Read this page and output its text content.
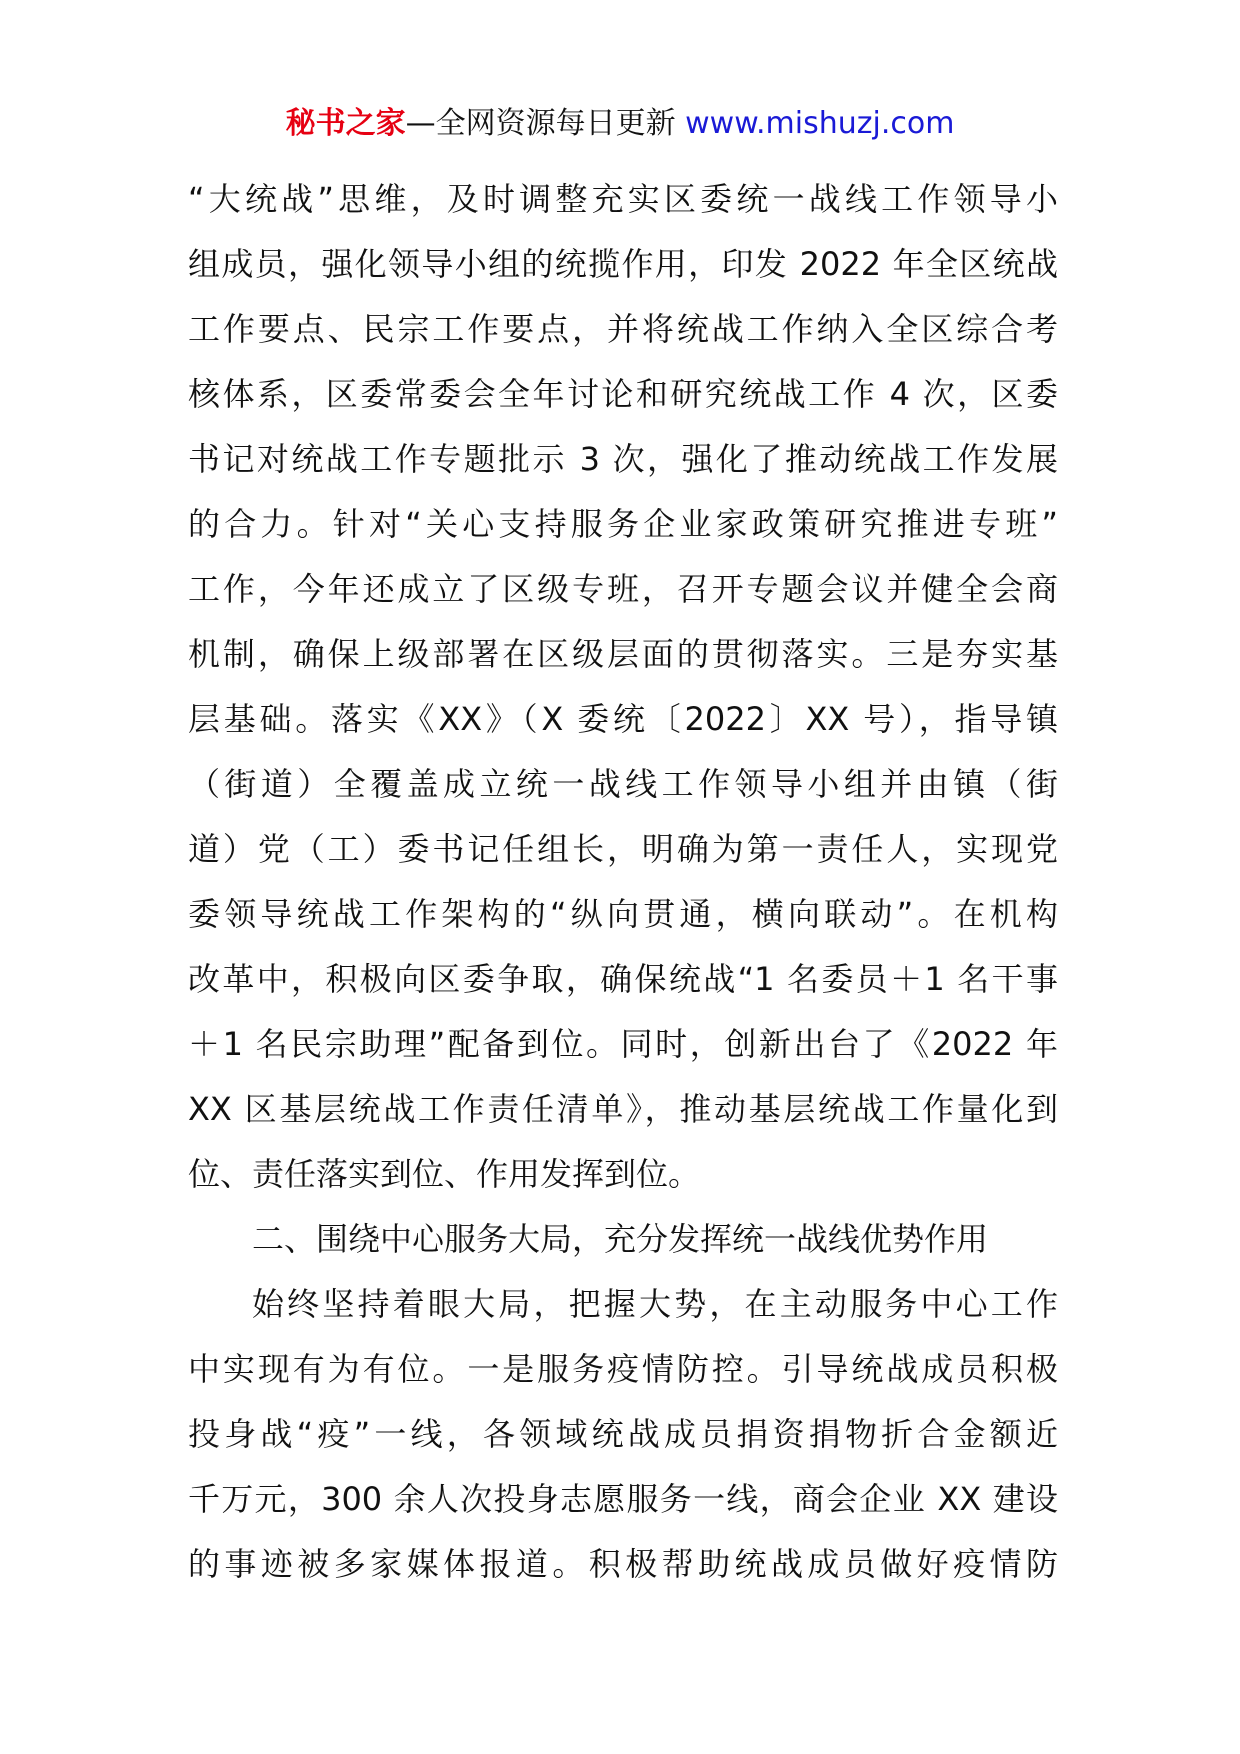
秘书之家—全网资源每日更新 www.mishuzj.com
“大统战”思维，及时调整充实区委统一战线工作领导小
组成员，强化领导小组的统揽作用，印发 2022 年全区统战
工作要点、民宗工作要点，并将统战工作纳入全区综合考
核体系，区委常委会全年讨论和研究统战工作 4 次，区委
书记对统战工作专题批示 3 次，强化了推动统战工作发展
的合力。针对“关心支持服务企业家政策研究推进专班”
工作，今年还成立了区级专班，召开专题会议并健全会商
机制，确保上级部署在区级层面的贯彻落实。三是夯实基
层基础。落实《XX》（X 委统〔2022〕XX 号），指导镇
（街道）全覆盖成立统一战线工作领导小组并由镇（街
道）党（工）委书记任组长，明确为第一责任人，实现党
委领导统战工作架构的“纵向贯通，横向联动”。在机构
改革中，积极向区委争取，确保统战“1 名委员＋1 名干事
＋1 名民宗助理”配备到位。同时，创新出台了《2022 年
XX 区基层统战工作责任清单》，推动基层统战工作量化到
位、责任落实到位、作用发挥到位。
二、围绕中心服务大局，充分发挥统一战线优势作用
始终坚持着眼大局，把握大势，在主动服务中心工作
中实现有为有位。一是服务疫情防控。引导统战成员积极
投身战“疫”一线，各领域统战成员捐资捐物折合金额近
千万元，300 余人次投身志愿服务一线，商会企业 XX 建设
的事迹被多家媒体报道。积极帮助统战成员做好疫情防
